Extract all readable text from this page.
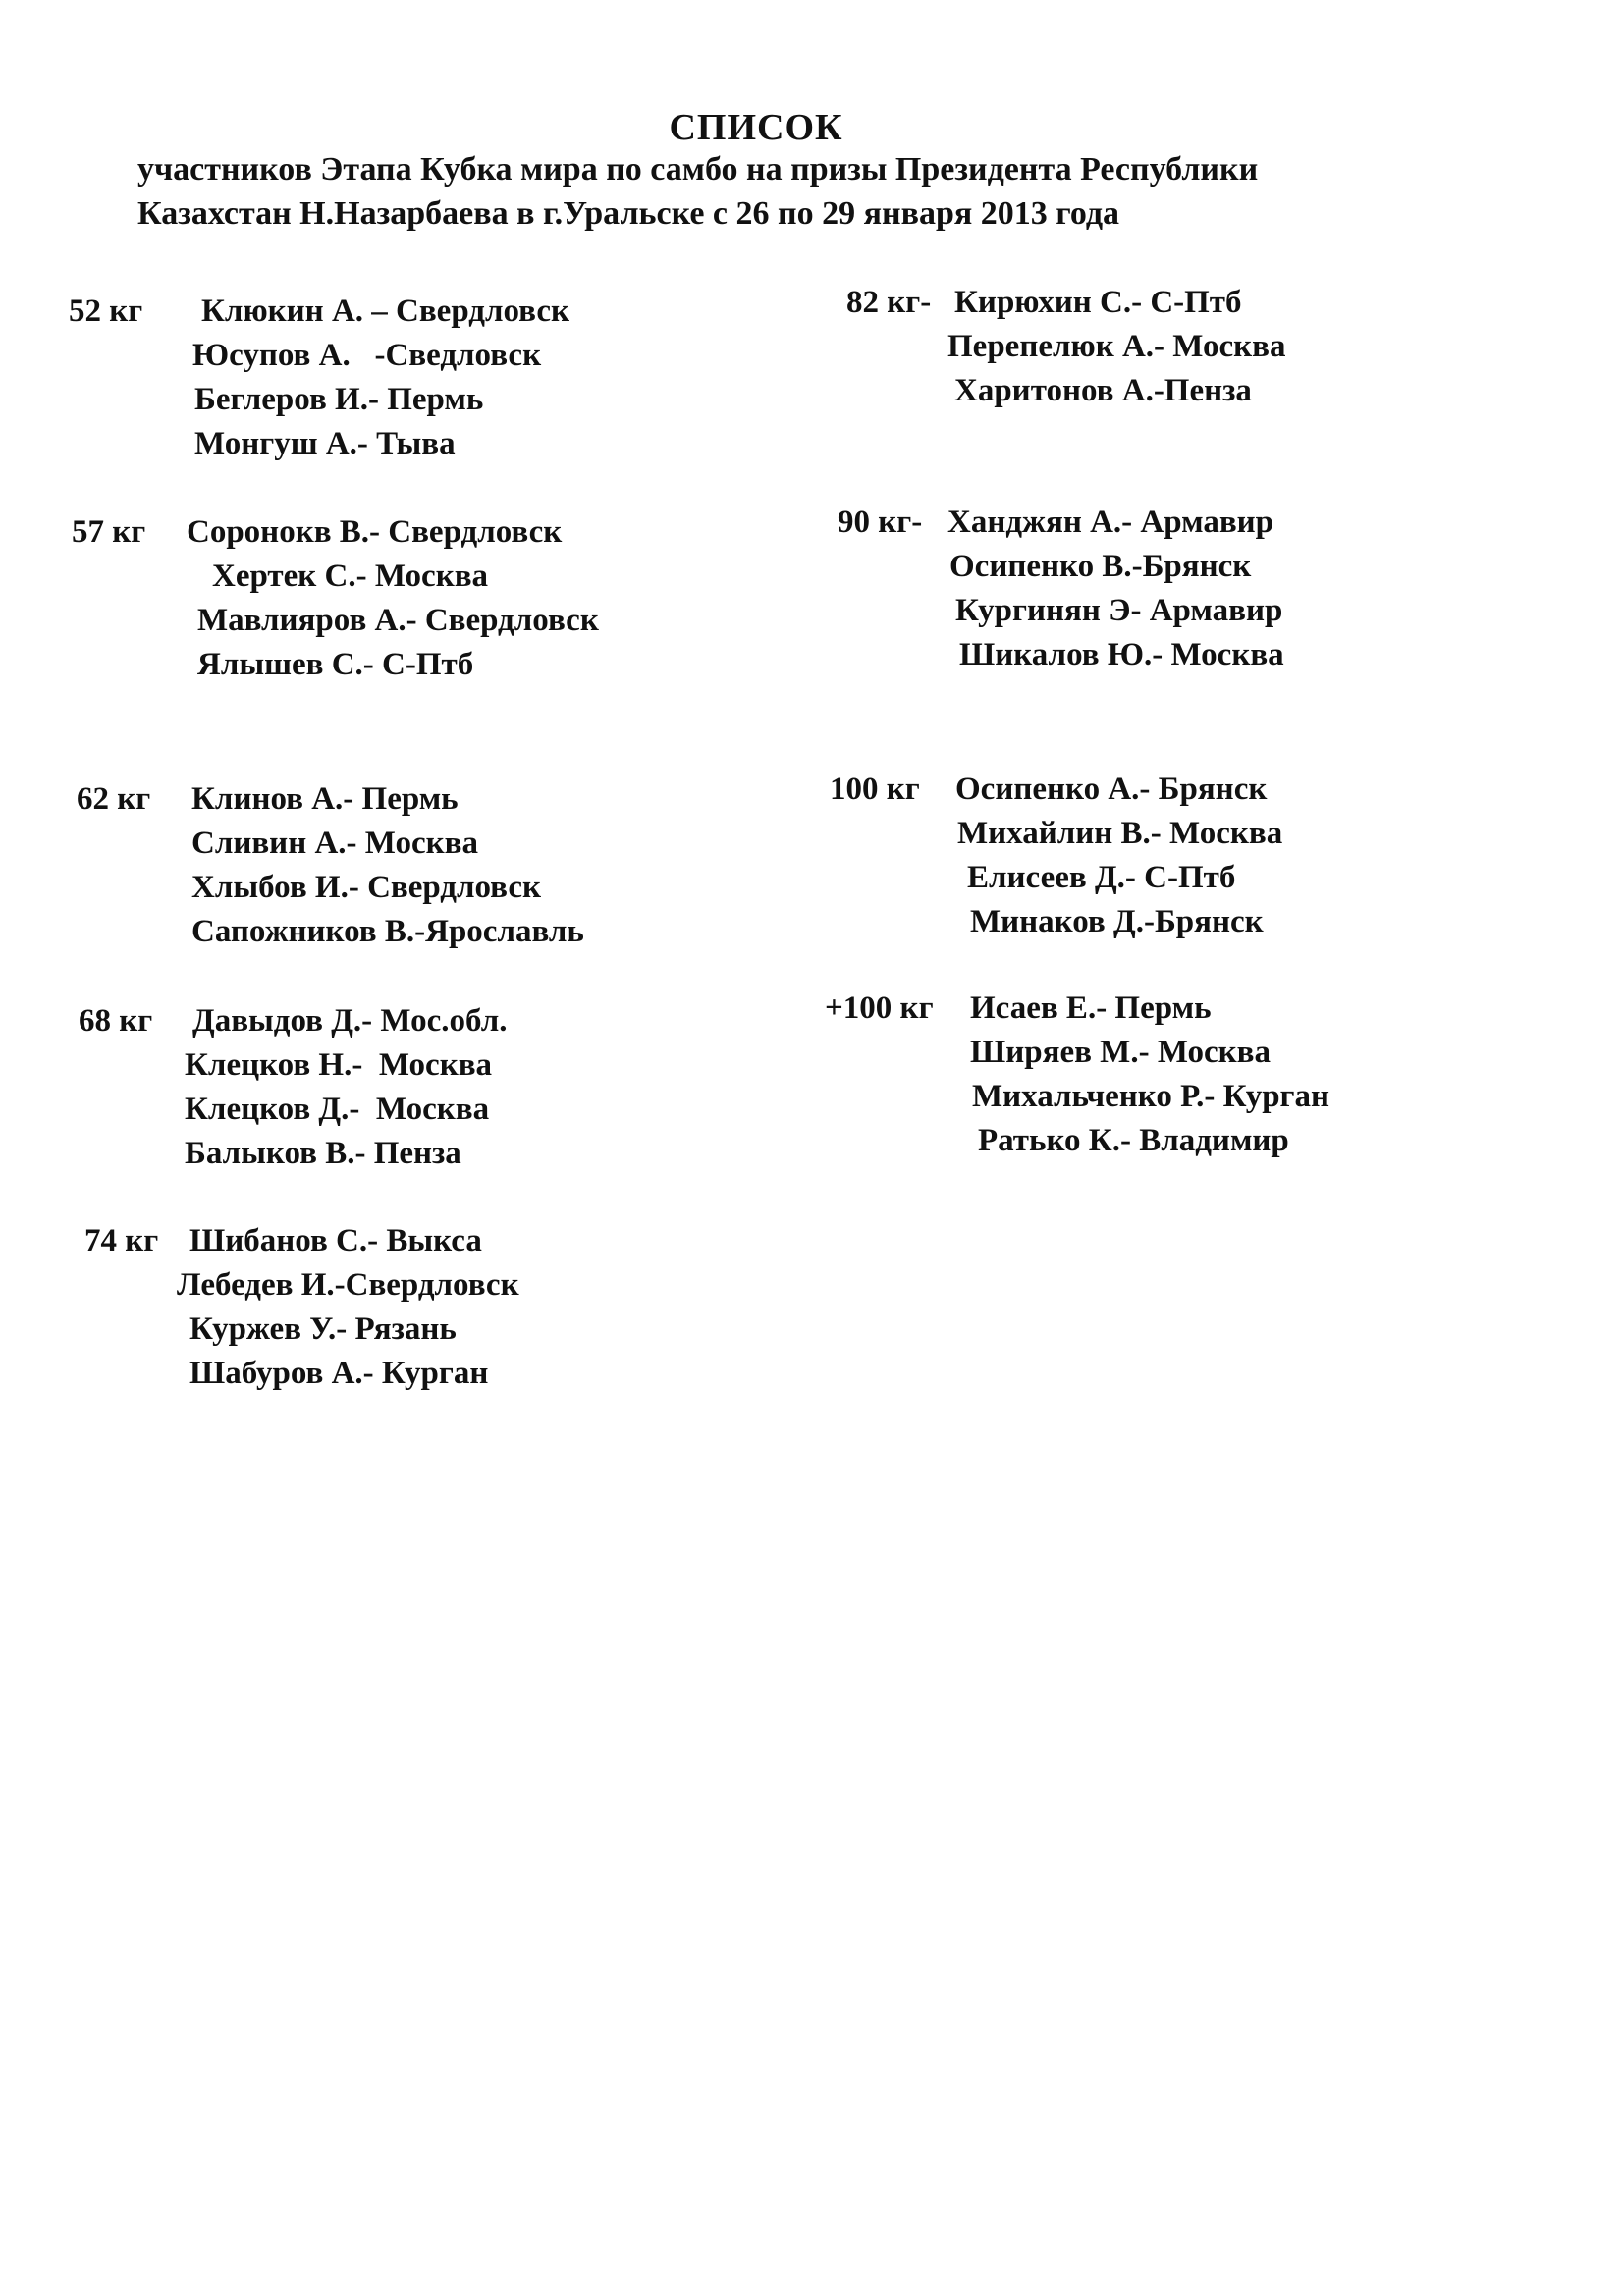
СПИСОК
участников Этапа Кубка мира по самбо на призы Президента Республики
Казахстан Н.Назарбаева в г.Уральске с 26 по 29 января 2013 года
52 кг Клюкин А. – Свердловск
Юсупов А.   -Сведловск
Беглеров И.- Пермь
Монгуш А.- Тыва
57 кг Соронокв В.- Свердловск
Хертек С.- Москва
Мавлияров А.- Свердловск
Ялышев С.- С-Птб
62 кг Клинов А.- Пермь
Сливин А.- Москва
Хлыбов И.- Свердловск
Сапожников В.-Ярославль
68 кг Давыдов Д.- Мос.обл.
Клецков Н.-  Москва
Клецков Д.-  Москва
Балыков В.- Пенза
74 кг Шибанов С.- Выкса
Лебедев И.-Свердловск
Куржев У.- Рязань
Шабуров А.- Курган
82 кг- Кирюхин С.- С-Птб
Перепелюк А.- Москва
Харитонов А.-Пенза
90 кг- Ханджян А.- Армавир
Осипенко В.-Брянск
Кургинян Э- Армавир
Шикалов Ю.- Москва
100 кг Осипенко А.- Брянск
Михайлин В.- Москва
Елисеев Д.- С-Птб
Минаков Д.-Брянск
+100 кг Исаев Е.- Пермь
Ширяев М.- Москва
Михальченко Р.- Курган
Ратько К.- Владимир
